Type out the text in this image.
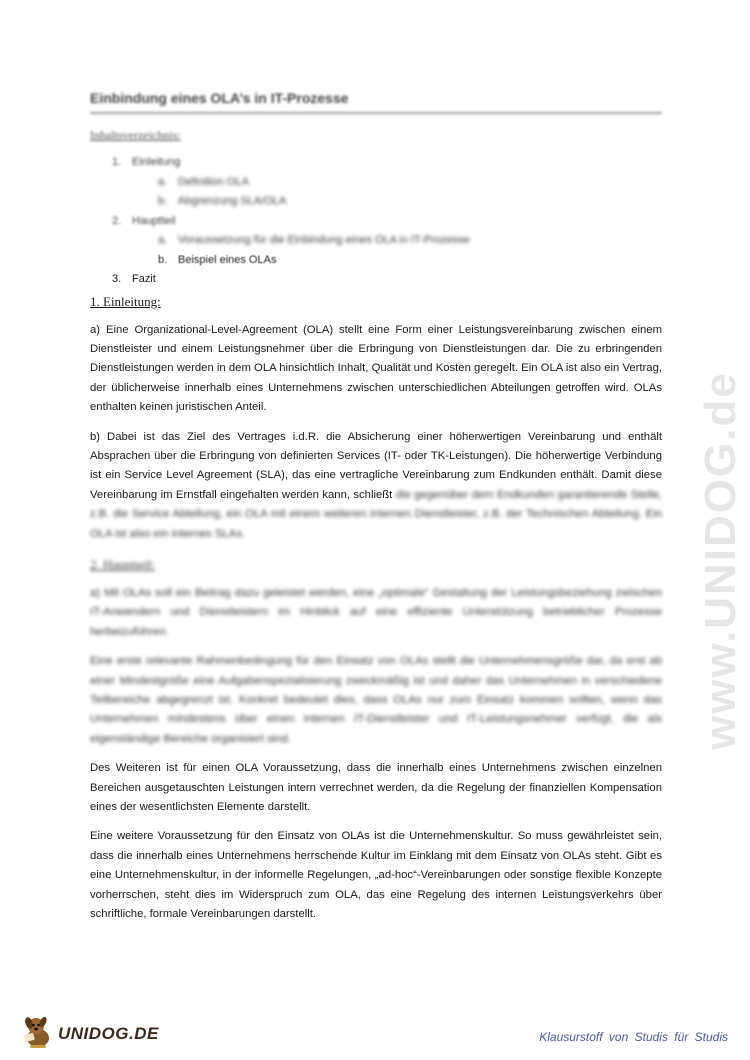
www.UNIDOG.de
Einbindung eines OLA’s in IT-Prozesse
Inhaltsverzeichnis:
1. Einleitung
a. Definition OLA
b. Abgrenzung SLA/OLA
2. Hauptteil
a. Voraussetzung für die Einbindung eines OLA in IT-Prozesse
b. Beispiel eines OLAs
3. Fazit
1. Einleitung:

a) Eine Organizational-Level-Agreement (OLA) stellt eine Form einer Leistungsvereinbarung zwischen einem Dienstleister und einem Leistungsnehmer über die Erbringung von Dienstleistungen dar. Die zu erbringenden Dienstleistungen werden in dem OLA hinsichtlich Inhalt, Qualität und Kosten geregelt. Ein OLA ist also ein Vertrag, der üblicherweise innerhalb eines Unternehmens zwischen unterschiedlichen Abteilungen getroffen wird. OLAs enthalten keinen juristischen Anteil.

b) Dabei ist das Ziel des Vertrages i.d.R. die Absicherung einer höherwertigen Vereinbarung und enthält Absprachen über die Erbringung von definierten Services (IT- oder TK-Leistungen). Die höherwertige Verbindung ist ein Service Level Agreement (SLA), das eine vertragliche Vereinbarung zum Endkunden enthält. Damit diese Vereinbarung im Ernstfall eingehalten werden kann, schließt die gegenüber dem Endkunden garantierende Stelle, z.B. die Service Abteilung, ein OLA mit einem weiteren internen Dienstleister, z.B. der Technischen Abteilung. Ein OLA ist also ein internes SLAs.

2. Hauptteil:

a) Mit OLAs soll ein Beitrag dazu geleistet werden, eine „optimale“ Gestaltung der Leistungsbeziehung zwischen IT-Anwendern und Dienstleistern im Hinblick auf eine effiziente Unterstützung betrieblicher Prozesse herbeizuführen.

Eine erste relevante Rahmenbedingung für den Einsatz von OLAs stellt die Unternehmensgröße dar, da erst ab einer Mindestgröße eine Aufgabenspezialisierung zweckmäßig ist und daher das Unternehmen in verschiedene Teilbereiche abgegrenzt ist. Konkret bedeutet dies, dass OLAs nur zum Einsatz kommen sollten, wenn das Unternehmen mindestens über einen internen IT-Dienstleister und IT-Leistungsnehmer verfügt, die als eigenständige Bereiche organisiert sind.

Des Weiteren ist für einen OLA Voraussetzung, dass die innerhalb eines Unternehmens zwischen einzelnen Bereichen ausgetauschten Leistungen intern verrechnet werden, da die Regelung der finanziellen Kompensation eines der wesentlichsten Elemente darstellt.

Eine weitere Voraussetzung für den Einsatz von OLAs ist die Unternehmenskultur. So muss gewährleistet sein, dass die innerhalb eines Unternehmens herrschende Kultur im Einklang mit dem Einsatz von OLAs steht. Gibt es eine Unternehmenskultur, in der informelle Regelungen, „ad-hoc“-Vereinbarungen oder sonstige flexible Konzepte vorherrschen, steht dies im Widerspruch zum OLA, das eine Regelung des internen Leistungsverkehrs über schriftliche, formale Vereinbarungen darstellt.

UNIDOG.DE	Klausurstoff von Studis für Studis
